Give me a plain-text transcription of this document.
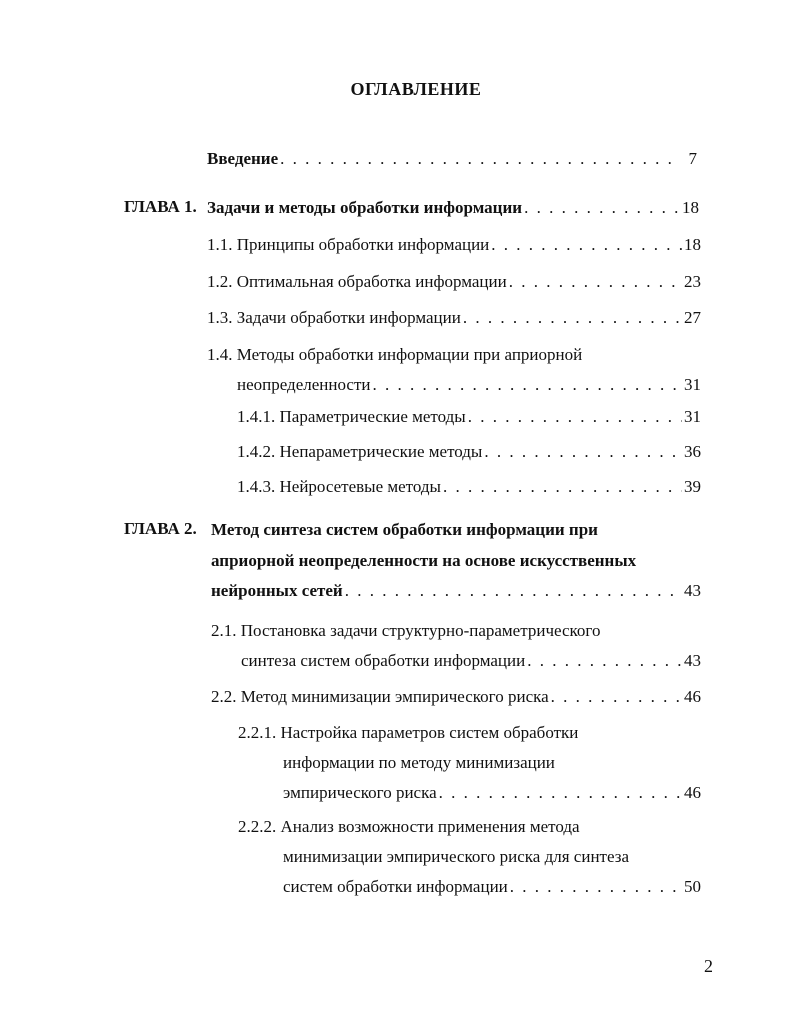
ОГЛАВЛЕНИЕ
Введение . . .	7
ГЛАВА 1. Задачи и методы обработки информации . . .	18
1.1. Принципы обработки информации . . .	18
1.2. Оптимальная обработка информации . . .	23
1.3. Задачи обработки информации . . .	27
1.4. Методы обработки информации при априорной
неопределенности . . .	31
1.4.1. Параметрические методы . . .	31
1.4.2. Непараметрические методы . . .	36
1.4.3. Нейросетевые методы . . .	39
ГЛАВА 2. Метод синтеза систем обработки информации при
априорной неопределенности на основе искусственных
нейронных сетей . . .	43
2.1. Постановка задачи структурно-параметрического
синтеза систем обработки информации . . .	43
2.2. Метод минимизации эмпирического риска . . .	46
2.2.1. Настройка параметров систем обработки
информации по методу минимизации
эмпирического риска . . .	46
2.2.2. Анализ возможности применения метода
минимизации эмпирического риска для синтеза
систем обработки информации . . .	50
2
